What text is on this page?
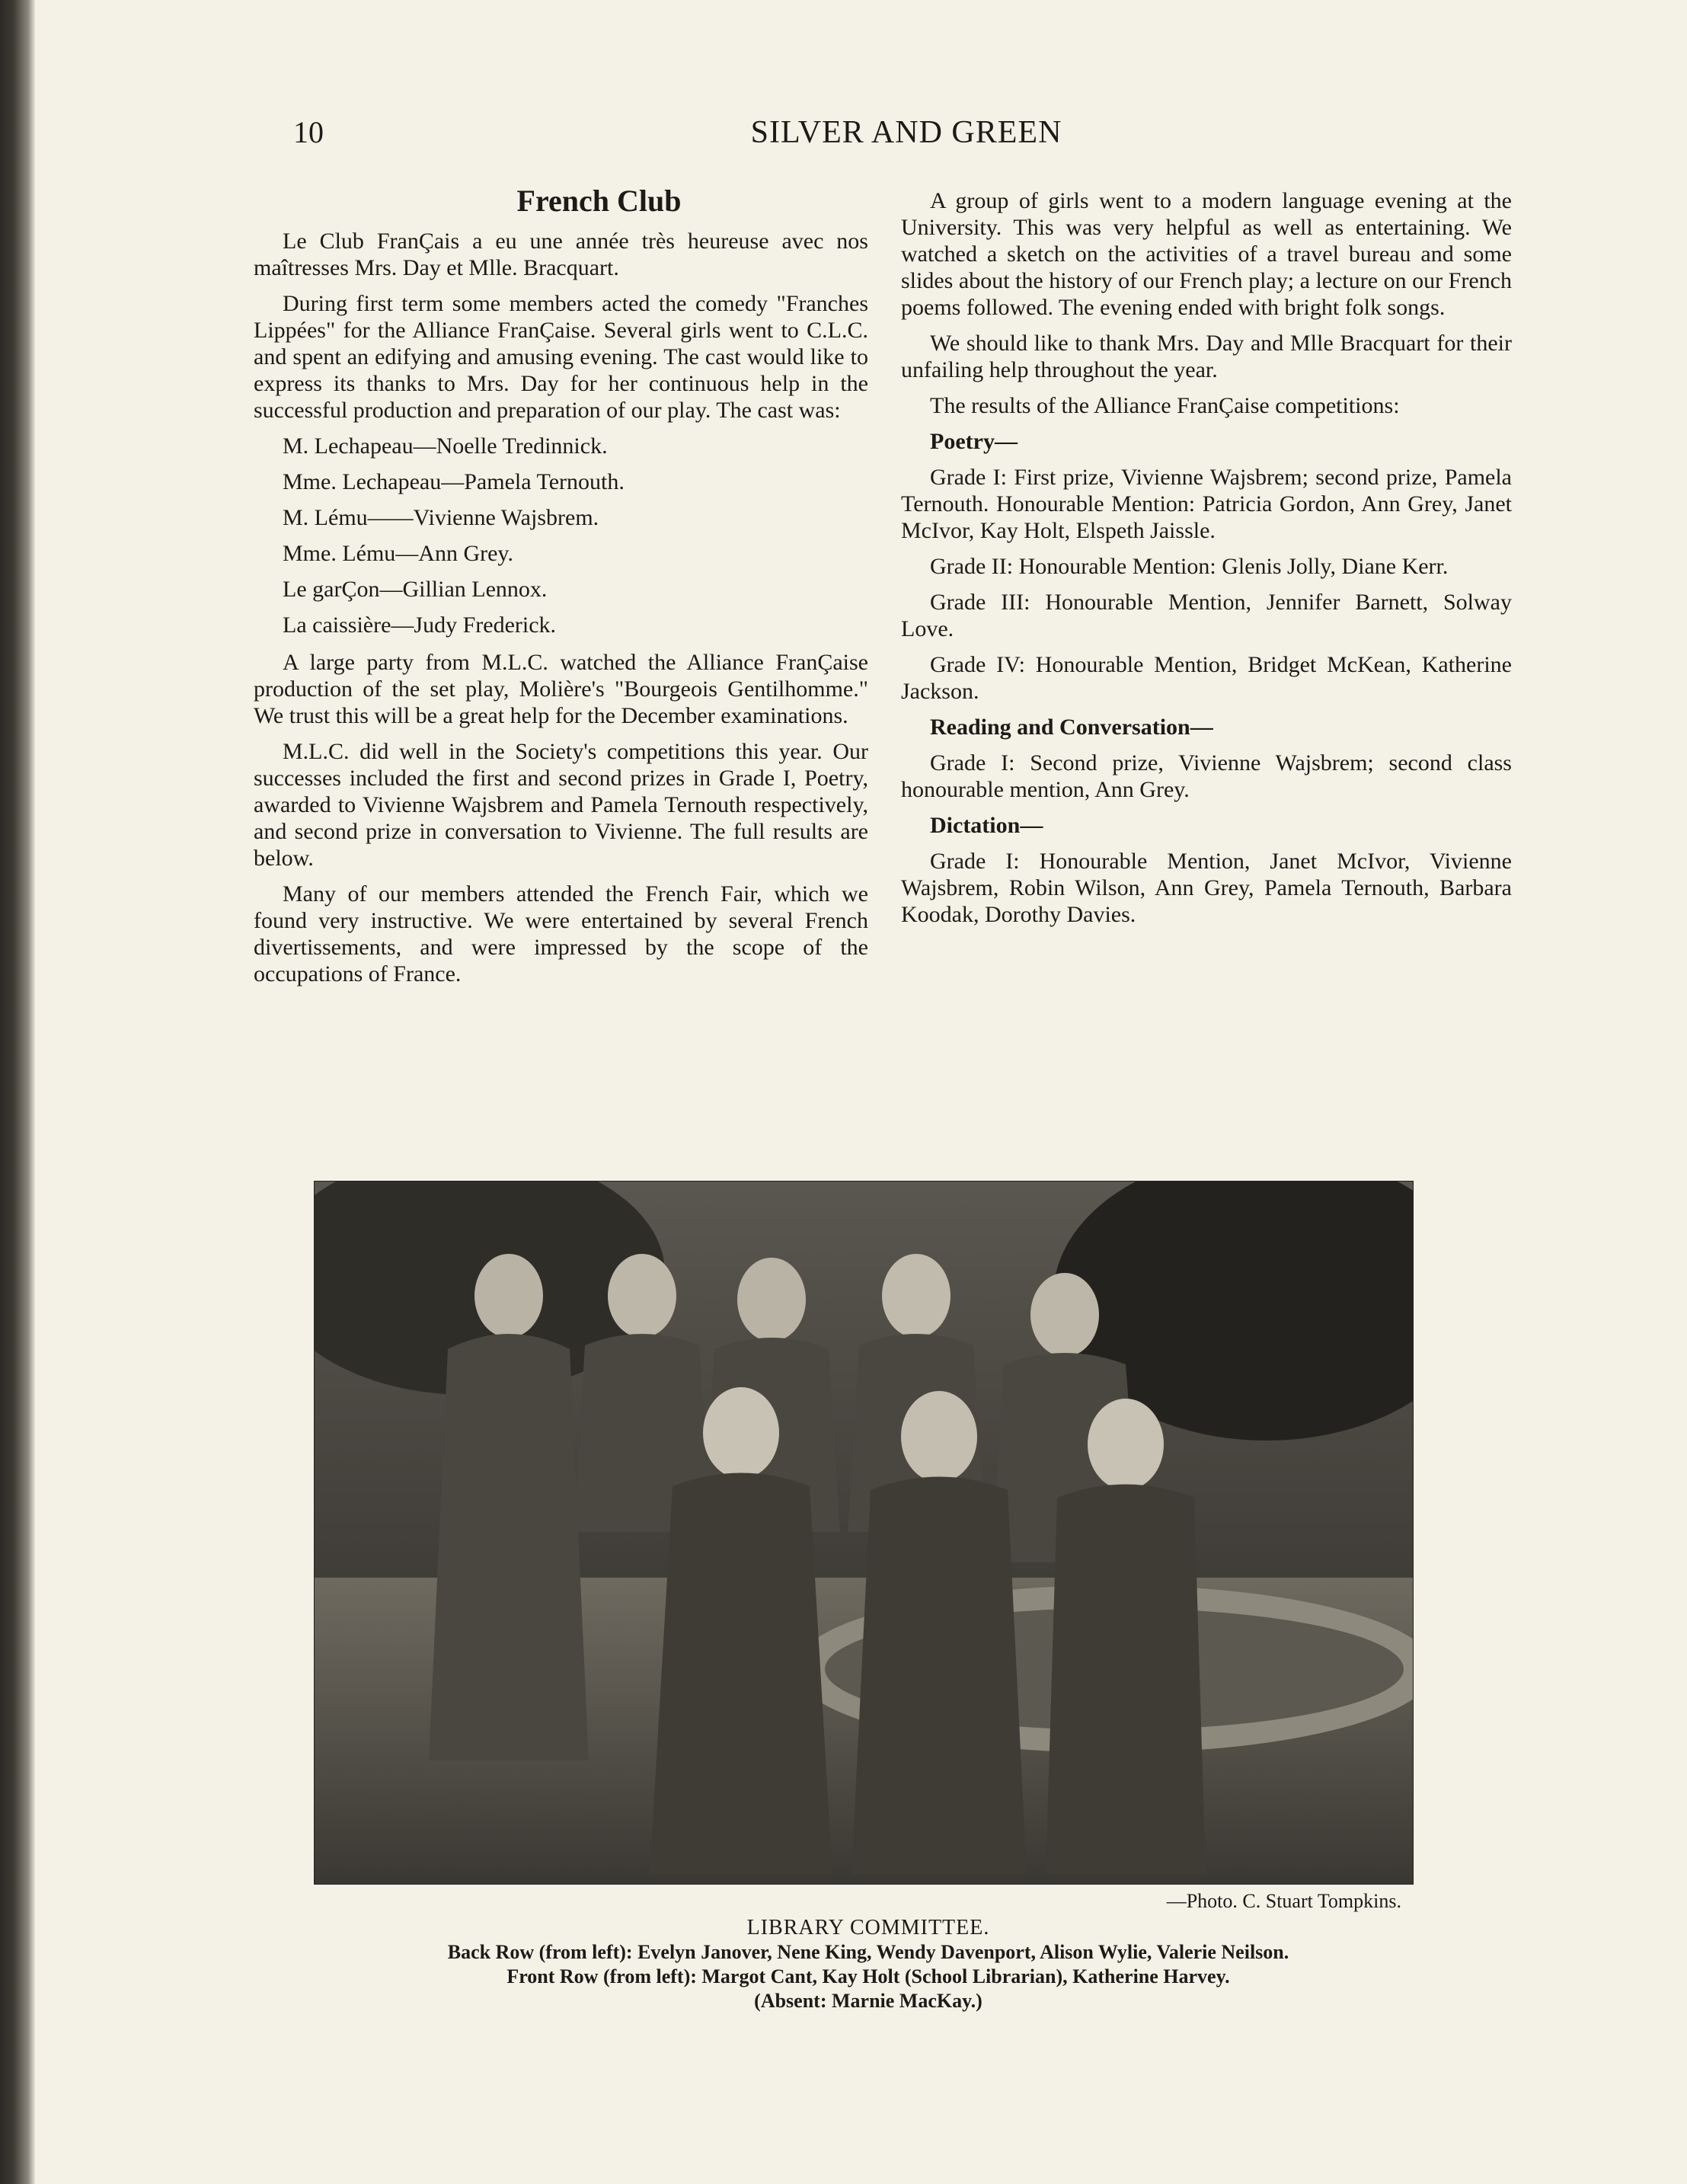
10	SILVER AND GREEN
French Club

Le Club FranÇais a eu une année très heureuse avec nos maîtresses Mrs. Day et Mlle. Bracquart.

During first term some members acted the comedy "Franches Lippées" for the Alliance FranÇaise. Several girls went to C.L.C. and spent an edifying and amusing evening. The cast would like to express its thanks to Mrs. Day for her continuous help in the successful production and preparation of our play. The cast was:

M. Lechapeau—Noelle Tredinnick.
Mme. Lechapeau—Pamela Ternouth.
M. Lému——Vivienne Wajsbrem.
Mme. Lému—Ann Grey.
Le garÇon—Gillian Lennox.
La caissière—Judy Frederick.

A large party from M.L.C. watched the Alliance FranÇaise production of the set play, Molière's "Bourgeois Gentilhomme." We trust this will be a great help for the December examinations.

M.L.C. did well in the Society's competitions this year. Our successes included the first and second prizes in Grade I, Poetry, awarded to Vivienne Wajsbrem and Pamela Ternouth respectively, and second prize in conversation to Vivienne. The full results are below.

Many of our members attended the French Fair, which we found very instructive. We were entertained by several French divertissements, and were impressed by the scope of the occupations of France.

A group of girls went to a modern language evening at the University. This was very helpful as well as entertaining. We watched a sketch on the activities of a travel bureau and some slides about the history of our French play; a lecture on our French poems followed. The evening ended with bright folk songs.

We should like to thank Mrs. Day and Mlle Bracquart for their unfailing help throughout the year.

The results of the Alliance FranÇaise competitions:

Poetry—

Grade I: First prize, Vivienne Wajsbrem; second prize, Pamela Ternouth. Honourable Mention: Patricia Gordon, Ann Grey, Janet McIvor, Kay Holt, Elspeth Jaissle.

Grade II: Honourable Mention: Glenis Jolly, Diane Kerr.

Grade III: Honourable Mention, Jennifer Barnett, Solway Love.

Grade IV: Honourable Mention, Bridget McKean, Katherine Jackson.

Reading and Conversation—

Grade I: Second prize, Vivienne Wajsbrem; second class honourable mention, Ann Grey.

Dictation—

Grade I: Honourable Mention, Janet McIvor, Vivienne Wajsbrem, Robin Wilson, Ann Grey, Pamela Ternouth, Barbara Koodak, Dorothy Davies.

—Photo. C. Stuart Tompkins.
LIBRARY COMMITTEE.
Back Row (from left): Evelyn Janover, Nene King, Wendy Davenport, Alison Wylie, Valerie Neilson.
Front Row (from left): Margot Cant, Kay Holt (School Librarian), Katherine Harvey.
(Absent: Marnie MacKay.)
